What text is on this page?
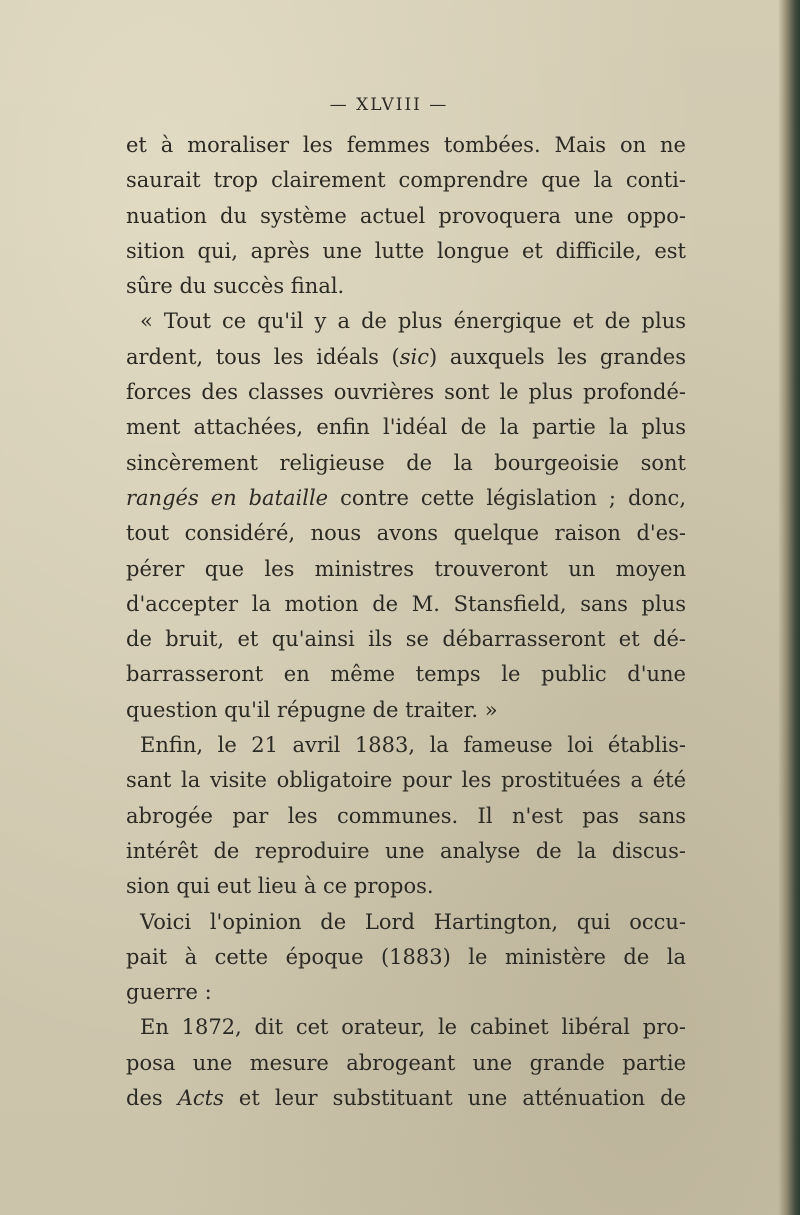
— XLVIII —
et à moraliser les femmes tombées. Mais on ne
saurait trop clairement comprendre que la conti-
nuation du système actuel provoquera une oppo-
sition qui, après une lutte longue et difficile, est
sûre du succès final.
« Tout ce qu'il y a de plus énergique et de plus
ardent, tous les idéals (sic) auxquels les grandes
forces des classes ouvrières sont le plus profondé-
ment attachées, enfin l'idéal de la partie la plus
sincèrement religieuse de la bourgeoisie sont
rangés en bataille contre cette législation ; donc,
tout considéré, nous avons quelque raison d'es-
pérer que les ministres trouveront un moyen
d'accepter la motion de M. Stansfield, sans plus
de bruit, et qu'ainsi ils se débarrasseront et dé-
barrasseront en même temps le public d'une
question qu'il répugne de traiter. »
Enfin, le 21 avril 1883, la fameuse loi établis-
sant la visite obligatoire pour les prostituées a été
abrogée par les communes. Il n'est pas sans
intérêt de reproduire une analyse de la discus-
sion qui eut lieu à ce propos.
Voici l'opinion de Lord Hartington, qui occu-
pait à cette époque (1883) le ministère de la
guerre :
En 1872, dit cet orateur, le cabinet libéral pro-
posa une mesure abrogeant une grande partie
des Acts et leur substituant une atténuation de
